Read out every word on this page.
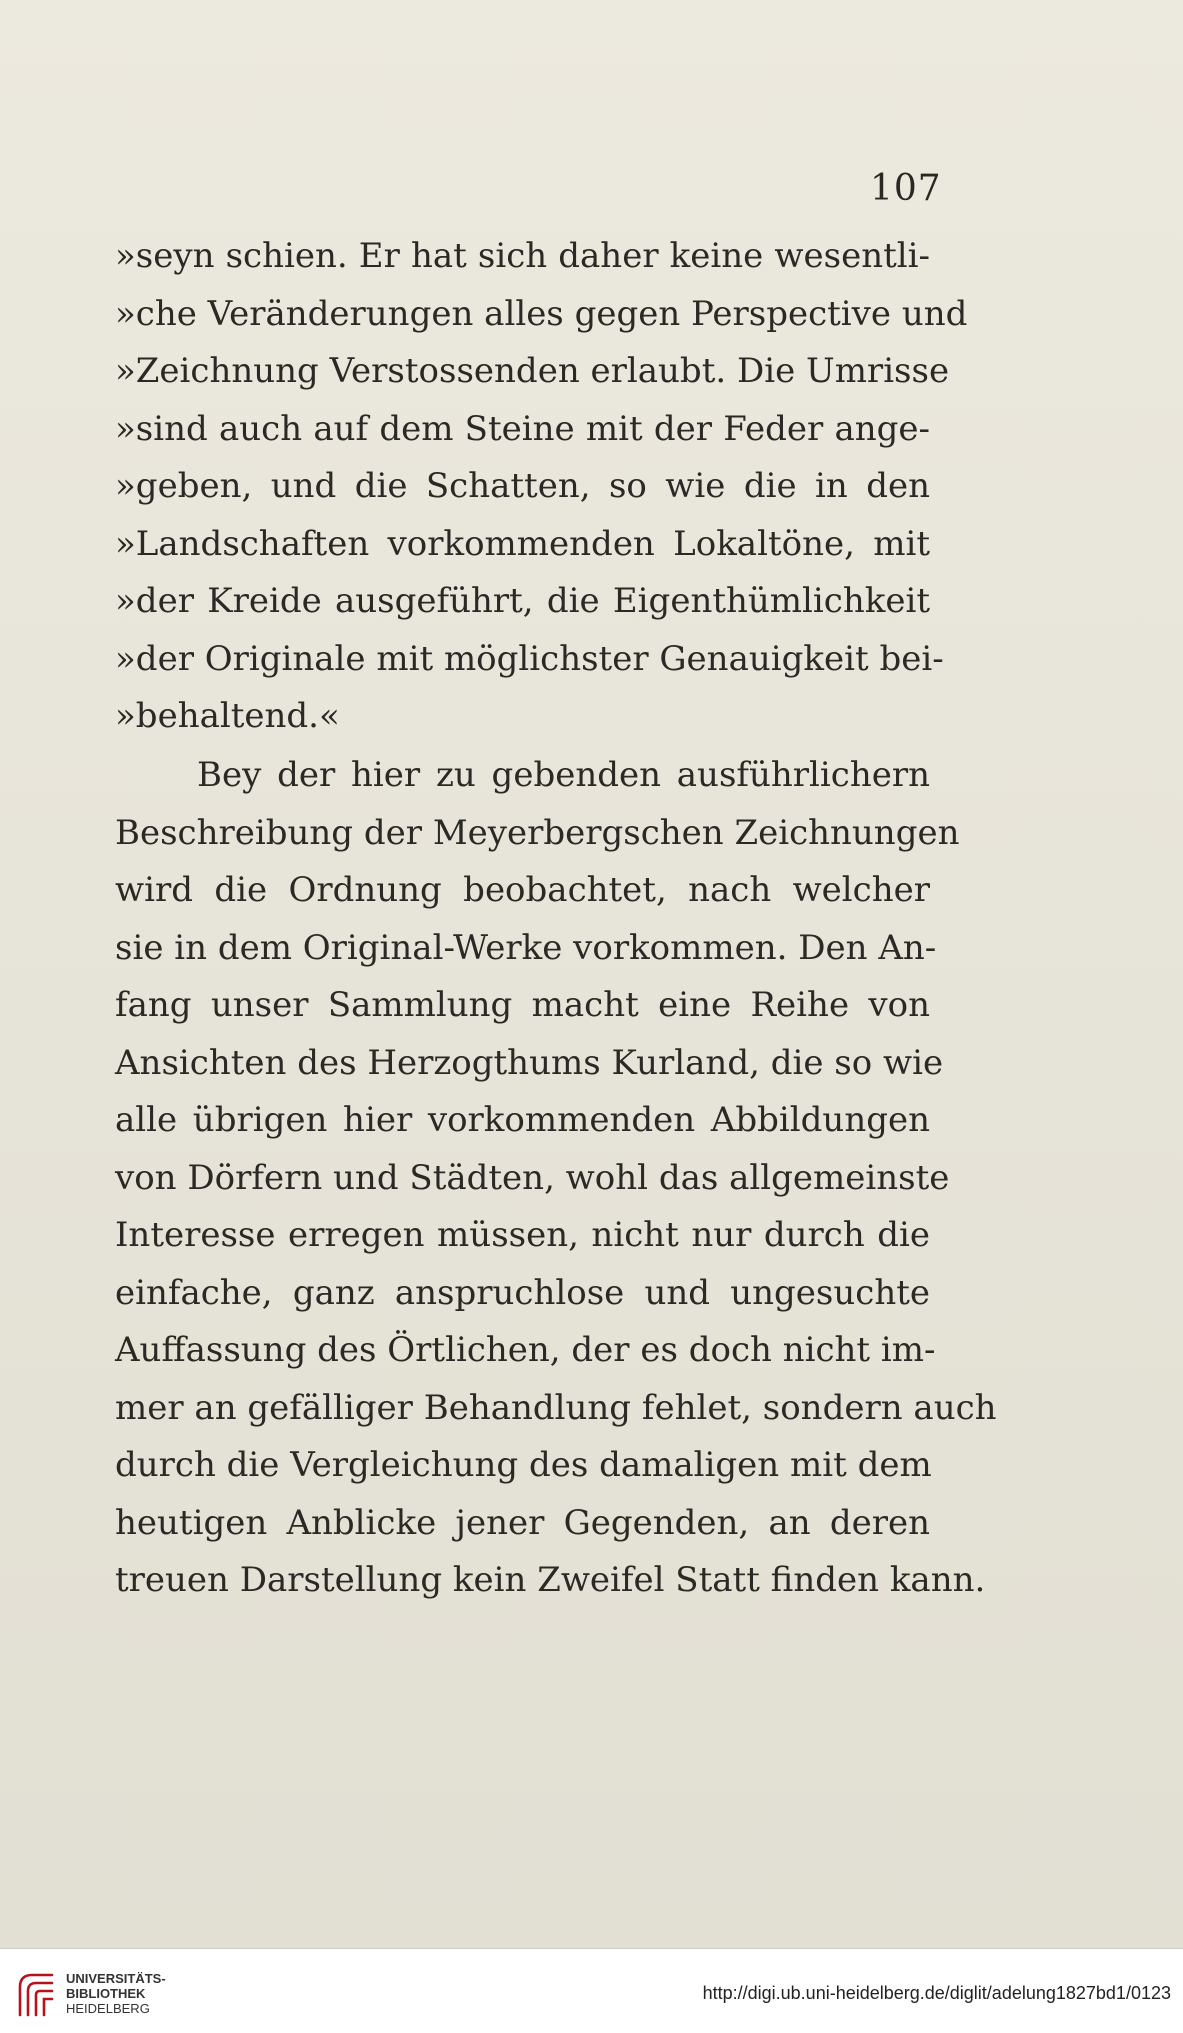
107
»seyn schien. Er hat sich daher keine wesentli-
»che Veränderungen alles gegen Perspective und
»Zeichnung Verstossenden erlaubt. Die Umrisse
»sind auch auf dem Steine mit der Feder ange-
»geben, und die Schatten, so wie die in den
»Landschaften vorkommenden Lokaltöne, mit
»der Kreide ausgeführt, die Eigenthümlichkeit
»der Originale mit möglichster Genauigkeit bei-
»behaltend.«
Bey der hier zu gebenden ausführlichern
Beschreibung der Meyerbergschen Zeichnungen
wird die Ordnung beobachtet, nach welcher
sie in dem Original-Werke vorkommen. Den An-
fang unser Sammlung macht eine Reihe von
Ansichten des Herzogthums Kurland, die so wie
alle übrigen hier vorkommenden Abbildungen
von Dörfern und Städten, wohl das allgemeinste
Interesse erregen müssen, nicht nur durch die
einfache, ganz anspruchlose und ungesuchte
Auffassung des Örtlichen, der es doch nicht im-
mer an gefälliger Behandlung fehlet, sondern auch
durch die Vergleichung des damaligen mit dem
heutigen Anblicke jener Gegenden, an deren
treuen Darstellung kein Zweifel Statt finden kann.
UNIVERSITÄTS-
BIBLIOTHEK
HEIDELBERG
http://digi.ub.uni-heidelberg.de/diglit/adelung1827bd1/0123
